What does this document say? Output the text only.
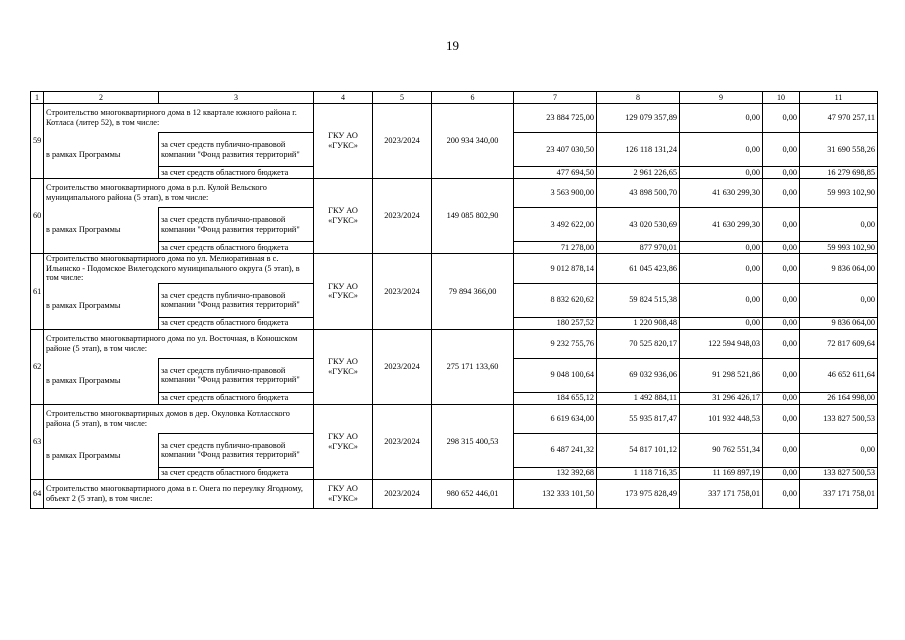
19
1	2	3	4	5	6	7	8	9	10	11
59	Строительство многоквартирного дома в 12 квартале южного района г. Котласа (литер 52), в том числе:		ГКУ АО «ГУКС»	2023/2024	200 934 340,00	23 884 725,00	129 079 357,89	0,00	0,00	47 970 257,11
	в рамках Программы	за счет средств публично-правовой компании "Фонд развития территорий"				23 407 030,50	126 118 131,24	0,00	0,00	31 690 558,26
		за счет средств областного бюджета				477 694,50	2 961 226,65	0,00	0,00	16 279 698,85
60	Строительство многоквартирного дома в р.п. Кулой Вельского муниципального района (5 этап), в том числе:		ГКУ АО «ГУКС»	2023/2024	149 085 802,90	3 563 900,00	43 898 500,70	41 630 299,30	0,00	59 993 102,90
	в рамках Программы	за счет средств публично-правовой компании "Фонд развития территорий"				3 492 622,00	43 020 530,69	41 630 299,30	0,00	0,00
		за счет средств областного бюджета				71 278,00	877 970,01	0,00	0,00	59 993 102,90
61	Строительство многоквартирного дома по ул. Мелиоративная в с. Ильинско - Подомское Вилегодского муниципального округа (5 этап), в том числе:		ГКУ АО «ГУКС»	2023/2024	79 894 366,00	9 012 878,14	61 045 423,86	0,00	0,00	9 836 064,00
	в рамках Программы	за счет средств публично-правовой компании "Фонд развития территорий"				8 832 620,62	59 824 515,38	0,00	0,00	0,00
		за счет средств областного бюджета				180 257,52	1 220 908,48	0,00	0,00	9 836 064,00
62	Строительство многоквартирного дома по ул. Восточная, в Коношском районе (5 этап), в том числе:		ГКУ АО «ГУКС»	2023/2024	275 171 133,60	9 232 755,76	70 525 820,17	122 594 948,03	0,00	72 817 609,64
	в рамках Программы	за счет средств публично-правовой компании "Фонд развития территорий"				9 048 100,64	69 032 936,06	91 298 521,86	0,00	46 652 611,64
		за счет средств областного бюджета				184 655,12	1 492 884,11	31 296 426,17	0,00	26 164 998,00
63	Строительство многоквартирных домов в дер. Окуловка Котласского района (5 этап), в том числе:		ГКУ АО «ГУКС»	2023/2024	298 315 400,53	6 619 634,00	55 935 817,47	101 932 448,53	0,00	133 827 500,53
	в рамках Программы	за счет средств публично-правовой компании "Фонд развития территорий"				6 487 241,32	54 817 101,12	90 762 551,34	0,00	0,00
		за счет средств областного бюджета				132 392,68	1 118 716,35	11 169 897,19	0,00	133 827 500,53
64	Строительство многоквартирного дома в г. Онега по переулку Ягодному, объект 2 (5 этап), в том числе:		ГКУ АО «ГУКС»	2023/2024	980 652 446,01	132 333 101,50	173 975 828,49	337 171 758,01	0,00	337 171 758,01
